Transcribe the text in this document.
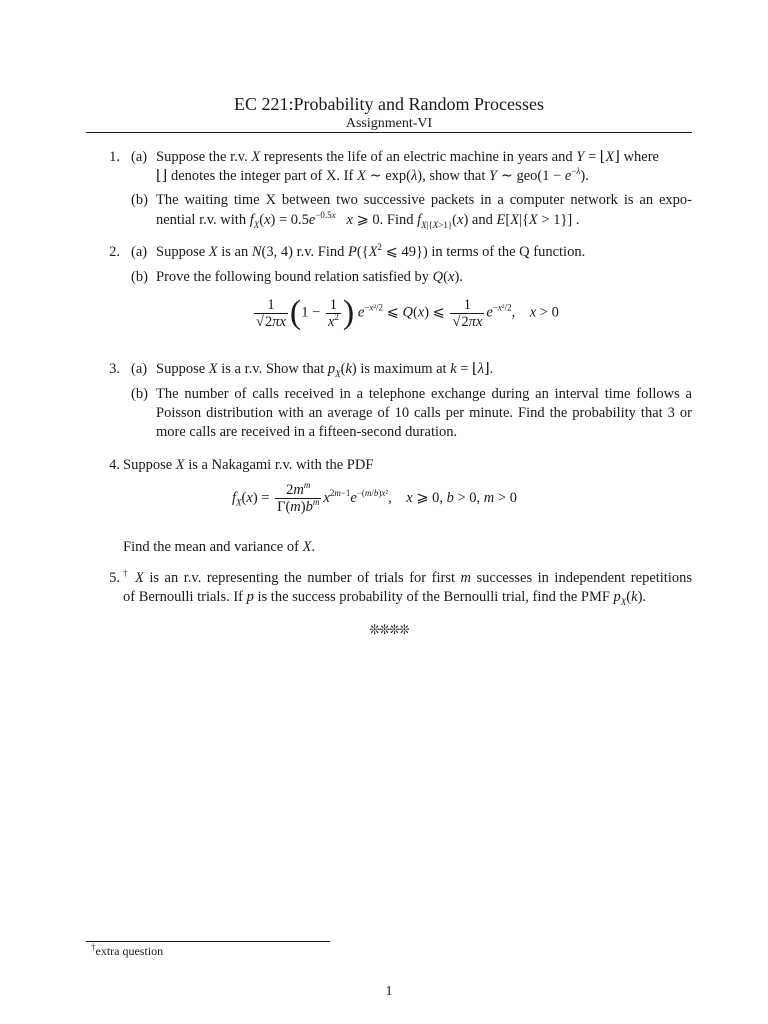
EC 221:Probability and Random Processes
Assignment-VI
1. (a) Suppose the r.v. X represents the life of an electric machine in years and Y = ⌊X⌋ where
⌊⌋ denotes the integer part of X. If X ∼ exp(λ), show that Y ∼ $geo(1 - e^{-\lambda})$.
(b) The waiting time X between two successive packets in a computer network is an expo-
nential r.v. with $f_X(x) = 0.5e^{-0.5x}$ x ⩾ 0. Find $f_{X|\{X>1\}}(x)$ and E[X|{X > 1}] .
2. (a) Suppose X is an N(3, 4) r.v. Find $P(\{X^2$ ⩽ 49}) in terms of the Q function.
(b) Prove the following bound relation satisfied by Q(x).
$\frac{1}{√2\pi x} (1 - \frac{1}{x^2}$ ) $e^{-x^2/2}$ ⩽ Q(x) ⩽ $\frac{1}{√2\pi x} e^{-x^2/2}$,    x > 0
3. (a) Suppose X is a r.v. Show that $p_X(k)$ is maximum at k = ⌊λ⌋.
(b) The number of calls received in a telephone exchange during an interval time follows a
Poisson distribution with an average of 10 calls per minute. Find the probability that 3 or
more calls are received in a fifteen-second duration.
4. Suppose X is a Nakagami r.v. with the PDF
$f_X(x) = \frac{2m^m}{\Gamma(m)b^m} x^{2m-1}e^{-(m/b)x^2}$,    x ⩾ 0, b > 0, m > 0
Find the mean and variance of X.
5. † X is an r.v. representing the number of trials for first m successes in independent repetitions
of Bernoulli trials. If p is the success probability of the Bernoulli trial, find the PMF $p_X(k)$.
❊❊❊❊
†extra question
1
